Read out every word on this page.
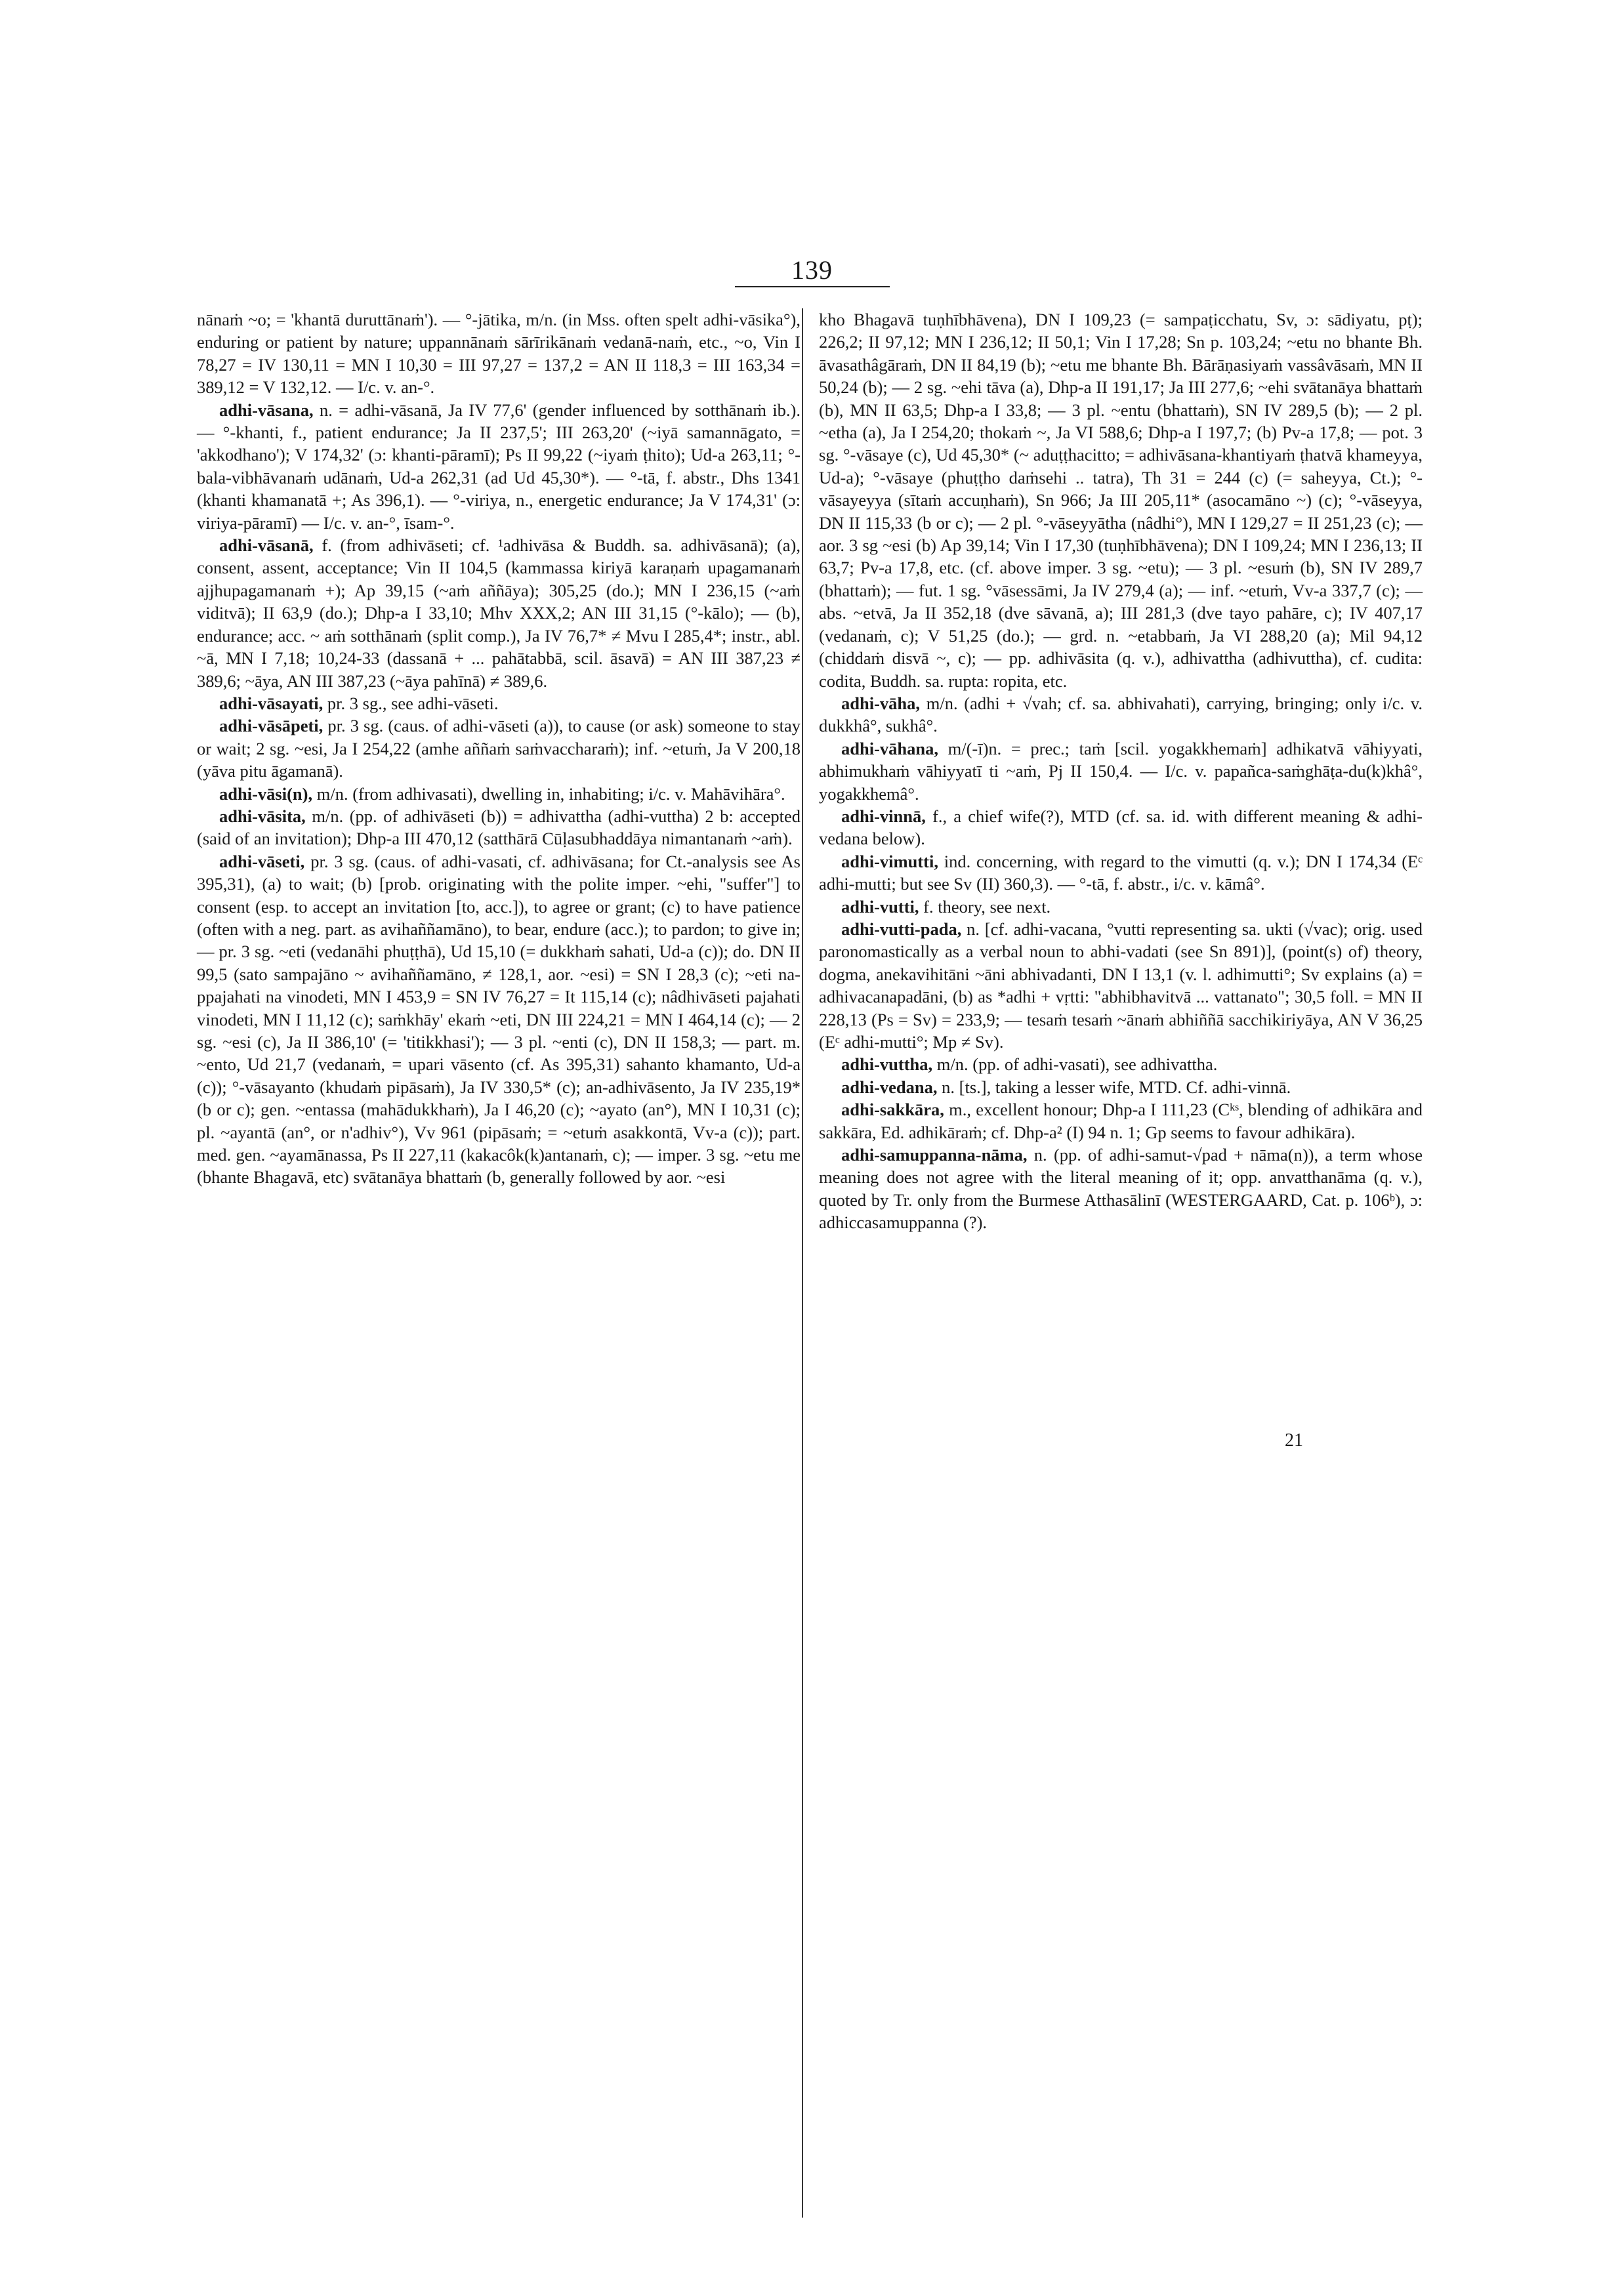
139

nānaṁ ~o; = 'khantā duruttānaṁ'). — °-jātika, m/n. (in Mss. often spelt adhi-vāsika°), enduring or patient by nature; uppannānaṁ sārīrikānaṁ vedanā-naṁ, etc., ~o, Vin I 78,27 = IV 130,11 = MN I 10,30 = III 97,27 = 137,2 = AN II 118,3 = III 163,34 = 389,12 = V 132,12. — I/c. v. an-°.

adhi-vāsana, n. = adhi-vāsanā, Ja IV 77,6' (gender influenced by sotthānaṁ ib.). — °-khanti, f., patient endurance; Ja II 237,5'; III 263,20' (~iyā samannāgato, = 'akkodhano'); V 174,32' (ɔ: khanti-pāramī); Ps II 99,22 (~iyaṁ ṭhito); Ud-a 263,11; °-bala-vibhāvanaṁ udānaṁ, Ud-a 262,31 (ad Ud 45,30*). — °-tā, f. abstr., Dhs 1341 (khanti khamanatā +; As 396,1). — °-viriya, n., energetic endurance; Ja V 174,31' (ɔ: viriya-pāramī) — I/c. v. an-°, īsam-°.

adhi-vāsanā, f. (from adhivāseti; cf. ¹adhivāsa & Buddh. sa. adhivāsanā); (a), consent, assent, acceptance; Vin II 104,5 (kammassa kiriyā karaṇaṁ upagamanaṁ ajjhupagamanaṁ +); Ap 39,15 (~aṁ aññāya); 305,25 (do.); MN I 236,15 (~aṁ viditvā); II 63,9 (do.); Dhp-a I 33,10; Mhv XXX,2; AN III 31,15 (°-kālo); — (b), endurance; acc. ~ aṁ sotthānaṁ (split comp.), Ja IV 76,7* ≠ Mvu I 285,4*; instr., abl. ~ā, MN I 7,18; 10,24-33 (dassanā + ... pahātabbā, scil. āsavā) = AN III 387,23 ≠ 389,6; ~āya, AN III 387,23 (~āya pahīnā) ≠ 389,6.

adhi-vāsayati, pr. 3 sg., see adhi-vāseti.

adhi-vāsāpeti, pr. 3 sg. (caus. of adhi-vāseti (a)), to cause (or ask) someone to stay or wait; 2 sg. ~esi, Ja I 254,22 (amhe aññaṁ saṁvaccharaṁ); inf. ~etuṁ, Ja V 200,18 (yāva pitu āgamanā).

adhi-vāsi(n), m/n. (from adhivasati), dwelling in, inhabiting; i/c. v. Mahāvihāra°.

adhi-vāsita, m/n. (pp. of adhivāseti (b)) = adhivattha (adhi-vuttha) 2 b: accepted (said of an invitation); Dhp-a III 470,12 (satthārā Cūḷasubhaddāya nimantanaṁ ~aṁ).

adhi-vāseti, pr. 3 sg. (caus. of adhi-vasati, cf. adhivāsana; for Ct.-analysis see As 395,31), (a) to wait; (b) [prob. originating with the polite imper. ~ehi, "suffer"] to consent (esp. to accept an invitation [to, acc.]), to agree or grant; (c) to have patience (often with a neg. part. as avihaññamāno), to bear, endure (acc.); to pardon; to give in; — pr. 3 sg. ~eti (vedanāhi phuṭṭhā), Ud 15,10 (= dukkhaṁ sahati, Ud-a (c)); do. DN II 99,5 (sato sampajāno ~ avihaññamāno, ≠ 128,1, aor. ~esi) = SN I 28,3 (c); ~eti na-ppajahati na vinodeti, MN I 453,9 = SN IV 76,27 = It 115,14 (c); nâdhivāseti pajahati vinodeti, MN I 11,12 (c); saṁkhāy' ekaṁ ~eti, DN III 224,21 = MN I 464,14 (c); — 2 sg. ~esi (c), Ja II 386,10' (= 'titikkhasi'); — 3 pl. ~enti (c), DN II 158,3; — part. m. ~ento, Ud 21,7 (vedanaṁ, = upari vāsento (cf. As 395,31) sahanto khamanto, Ud-a (c)); °-vāsayanto (khudaṁ pipāsaṁ), Ja IV 330,5* (c); an-adhivāsento, Ja IV 235,19* (b or c); gen. ~entassa (mahādukkhaṁ), Ja I 46,20 (c); ~ayato (an°), MN I 10,31 (c); pl. ~ayantā (an°, or n'adhiv°), Vv 961 (pipāsaṁ; = ~etuṁ asakkontā, Vv-a (c)); part. med. gen. ~ayamānassa, Ps II 227,11 (kakacôk(k)antanaṁ, c); — imper. 3 sg. ~etu me (bhante Bhagavā, etc) svātanāya bhattaṁ (b, generally followed by aor. ~esi

kho Bhagavā tuṇhībhāvena), DN I 109,23 (= sampaṭicchatu, Sv, ɔ: sādiyatu, pṭ); 226,2; II 97,12; MN I 236,12; II 50,1; Vin I 17,28; Sn p. 103,24; ~etu no bhante Bh. āvasathâgāraṁ, DN II 84,19 (b); ~etu me bhante Bh. Bārāṇasiyaṁ vassâvāsaṁ, MN II 50,24 (b); — 2 sg. ~ehi tāva (a), Dhp-a II 191,17; Ja III 277,6; ~ehi svātanāya bhattaṁ (b), MN II 63,5; Dhp-a I 33,8; — 3 pl. ~entu (bhattaṁ), SN IV 289,5 (b); — 2 pl. ~etha (a), Ja I 254,20; thokaṁ ~, Ja VI 588,6; Dhp-a I 197,7; (b) Pv-a 17,8; — pot. 3 sg. °-vāsaye (c), Ud 45,30* (~ aduṭṭhacitto; = adhivāsana-khantiyaṁ ṭhatvā khameyya, Ud-a); °-vāsaye (phuṭṭho daṁsehi .. tatra), Th 31 = 244 (c) (= saheyya, Ct.); °-vāsayeyya (sītaṁ accuṇhaṁ), Sn 966; Ja III 205,11* (asocamāno ~) (c); °-vāseyya, DN II 115,33 (b or c); — 2 pl. °-vāseyyātha (nâdhi°), MN I 129,27 = II 251,23 (c); — aor. 3 sg ~esi (b) Ap 39,14; Vin I 17,30 (tuṇhībhāvena); DN I 109,24; MN I 236,13; II 63,7; Pv-a 17,8, etc. (cf. above imper. 3 sg. ~etu); — 3 pl. ~esuṁ (b), SN IV 289,7 (bhattaṁ); — fut. 1 sg. °vāsessāmi, Ja IV 279,4 (a); — inf. ~etuṁ, Vv-a 337,7 (c); — abs. ~etvā, Ja II 352,18 (dve sāvanā, a); III 281,3 (dve tayo pahāre, c); IV 407,17 (vedanaṁ, c); V 51,25 (do.); — grd. n. ~etabbaṁ, Ja VI 288,20 (a); Mil 94,12 (chiddaṁ disvā ~, c); — pp. adhivāsita (q. v.), adhivattha (adhivuttha), cf. cudita: codita, Buddh. sa. rupta: ropita, etc.

adhi-vāha, m/n. (adhi + √vah; cf. sa. abhivahati), carrying, bringing; only i/c. v. dukkhâ°, sukhâ°.

adhi-vāhana, m/(-ī)n. = prec.; taṁ [scil. yogakkhemaṁ] adhikatvā vāhiyyati, abhimukhaṁ vāhiyyatī ti ~aṁ, Pj II 150,4. — I/c. v. papañca-saṁghāṭa-du(k)khâ°, yogakkhemâ°.

adhi-vinnā, f., a chief wife(?), MTD (cf. sa. id. with different meaning & adhi-vedana below).

adhi-vimutti, ind. concerning, with regard to the vimutti (q. v.); DN I 174,34 (Eᶜ adhi-mutti; but see Sv (II) 360,3). — °-tā, f. abstr., i/c. v. kāmâ°.

adhi-vutti, f. theory, see next.

adhi-vutti-pada, n. [cf. adhi-vacana, °vutti representing sa. ukti (√vac); orig. used paronomastically as a verbal noun to abhi-vadati (see Sn 891)], (point(s) of) theory, dogma, anekavihitāni ~āni abhivadanti, DN I 13,1 (v. l. adhimutti°; Sv explains (a) = adhivacanapadāni, (b) as *adhi + vṛtti: "abhibhavitvā ... vattanato"; 30,5 foll. = MN II 228,13 (Ps = Sv) = 233,9; — tesaṁ tesaṁ ~ānaṁ abhiññā sacchikiriyāya, AN V 36,25 (Eᶜ adhi-mutti°; Mp ≠ Sv).

adhi-vuttha, m/n. (pp. of adhi-vasati), see adhivattha.

adhi-vedana, n. [ts.], taking a lesser wife, MTD. Cf. adhi-vinnā.

adhi-sakkāra, m., excellent honour; Dhp-a I 111,23 (Cᵏˢ, blending of adhikāra and sakkāra, Ed. adhikāraṁ; cf. Dhp-a² (I) 94 n. 1; Gp seems to favour adhikāra).

adhi-samuppanna-nāma, n. (pp. of adhi-samut-√pad + nāma(n)), a term whose meaning does not agree with the literal meaning of it; opp. anvatthanāma (q. v.), quoted by Tr. only from the Burmese Atthasālinī (WESTERGAARD, Cat. p. 106ᵇ), ɔ: adhiccasamuppanna (?).

21
